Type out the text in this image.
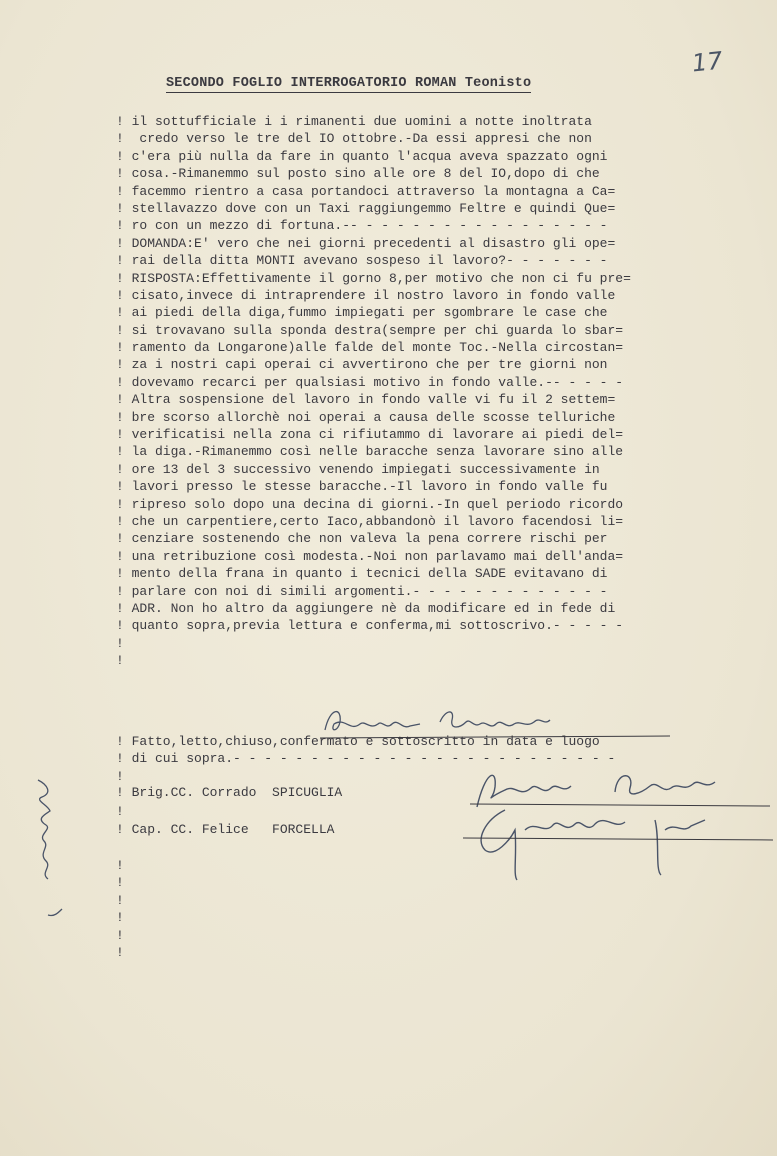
17
SECONDO FOGLIO INTERROGATORIO ROMAN Teonisto
! il sottufficiale i i rimanenti due uomini a notte inoltrata
!  credo verso le tre del IO ottobre.-Da essi appresi che non
! c'era più nulla da fare in quanto l'acqua aveva spazzato ogni
! cosa.-Rimanemmo sul posto sino alle ore 8 del IO,dopo di che
! facemmo rientro a casa portandoci attraverso la montagna a Ca=
! stellavazzo dove con un Taxi raggiungemmo Feltre e quindi Que=
! ro con un mezzo di fortuna.-- - - - - - - - - - - - - - - - -
! DOMANDA:E' vero che nei giorni precedenti al disastro gli ope=
! rai della ditta MONTI avevano sospeso il lavoro?- - - - - - -
! RISPOSTA:Effettivamente il gorno 8,per motivo che non ci fu pre=
! cisato,invece di intraprendere il nostro lavoro in fondo valle
! ai piedi della diga,fummo impiegati per sgombrare le case che
! si trovavano sulla sponda destra(sempre per chi guarda lo sbar=
! ramento da Longarone)alle falde del monte Toc.-Nella circostan=
! za i nostri capi operai ci avvertirono che per tre giorni non
! dovevamo recarci per qualsiasi motivo in fondo valle.-- - - - -
! Altra sospensione del lavoro in fondo valle vi fu il 2 settem=
! bre scorso allorchè noi operai a causa delle scosse telluriche
! verificatisi nella zona ci rifiutammo di lavorare ai piedi del=
! la diga.-Rimanemmo così nelle baracche senza lavorare sino alle
! ore 13 del 3 successivo venendo impiegati successivamente in
! lavori presso le stesse baracche.-Il lavoro in fondo valle fu
! ripreso solo dopo una decina di giorni.-In quel periodo ricordo
! che un carpentiere,certo Iaco,abbandonò il lavoro facendosi li=
! cenziare sostenendo che non valeva la pena correre rischi per
! una retribuzione così modesta.-Noi non parlavamo mai dell'anda=
! mento della frana in quanto i tecnici della SADE evitavano di
! parlare con noi di simili argomenti.- - - - - - - - - - - - -
! ADR. Non ho altro da aggiungere nè da modificare ed in fede di
! quanto sopra,previa lettura e conferma,mi sottoscrivo.- - - - -
!
!
! Fatto,letto,chiuso,confermato e sottoscritto in data e luogo
! di cui sopra.- - - - - - - - - - - - - - - - - - - - - - - - -
!
! Brig.CC. Corrado  SPICUGLIA
!
! Cap. CC. Felice   FORCELLA
!
!
!
!
!
!
